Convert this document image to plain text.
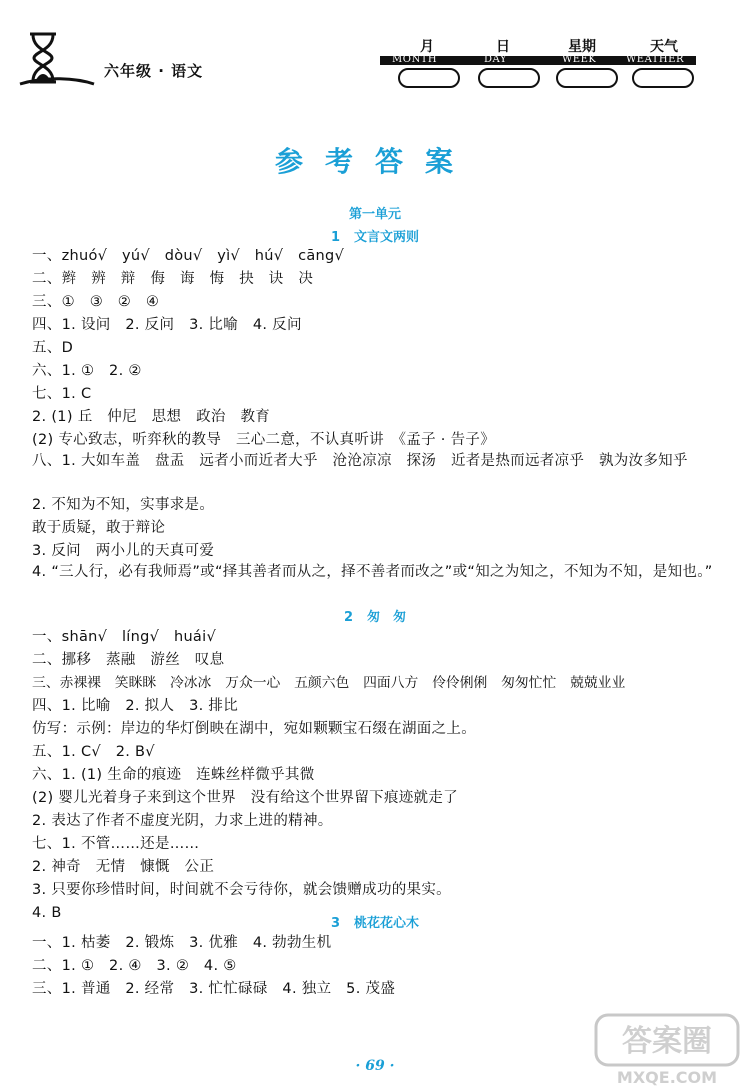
六年级 · 语文
月	日	星期	天气
MONTH	DAY	WEEK	WEATHER
参考答案
第一单元
1 文言文两则
一、zhuó√　yú√　dòu√　yì√　hú√　cāng√
二、辫　辨　辩　侮　诲　悔　抉　诀　决
三、①　③　②　④
四、1. 设问　2. 反问　3. 比喻　4. 反问
五、D
六、1. ①　2. ②
七、1. C
2. (1) 丘　仲尼　思想　政治　教育
(2) 专心致志，听弈秋的教导　三心二意，不认真听讲　《孟子 · 告子》
八、1. 大如车盖　盘盂　远者小而近者大乎　沧沧凉凉　探汤　近者是热而远者凉乎　孰为汝多知乎
2. 不知为不知，实事求是。
敢于质疑，敢于辩论
3. 反问　两小儿的天真可爱
4. “三人行，必有我师焉”或“择其善者而从之，择不善者而改之”或“知之为知之，不知为不知，是知也。”
2 匆　匆
一、shān√　líng√　huái√
二、挪移　蒸融　游丝　叹息
三、赤裸裸　笑眯眯　冷冰冰　万众一心　五颜六色　四面八方　伶伶俐俐　匆匆忙忙　兢兢业业
四、1. 比喻　2. 拟人　3. 排比
仿写：示例：岸边的华灯倒映在湖中，宛如颗颗宝石缀在湖面之上。
五、1. C√　2. B√
六、1. (1) 生命的痕迹　连蛛丝样微乎其微
(2) 婴儿光着身子来到这个世界　没有给这个世界留下痕迹就走了
2. 表达了作者不虚度光阴，力求上进的精神。
七、1. 不管……还是……
2. 神奇　无情　慷慨　公正
3. 只要你珍惜时间，时间就不会亏待你，就会馈赠成功的果实。
4. B
3 桃花花心木
一、1. 枯萎　2. 锻炼　3. 优雅　4. 勃勃生机
二、1. ①　2. ④　3. ②　4. ⑤
三、1. 普通　2. 经常　3. 忙忙碌碌　4. 独立　5. 茂盛
· 69 ·
答案圈
MXQE.COM
